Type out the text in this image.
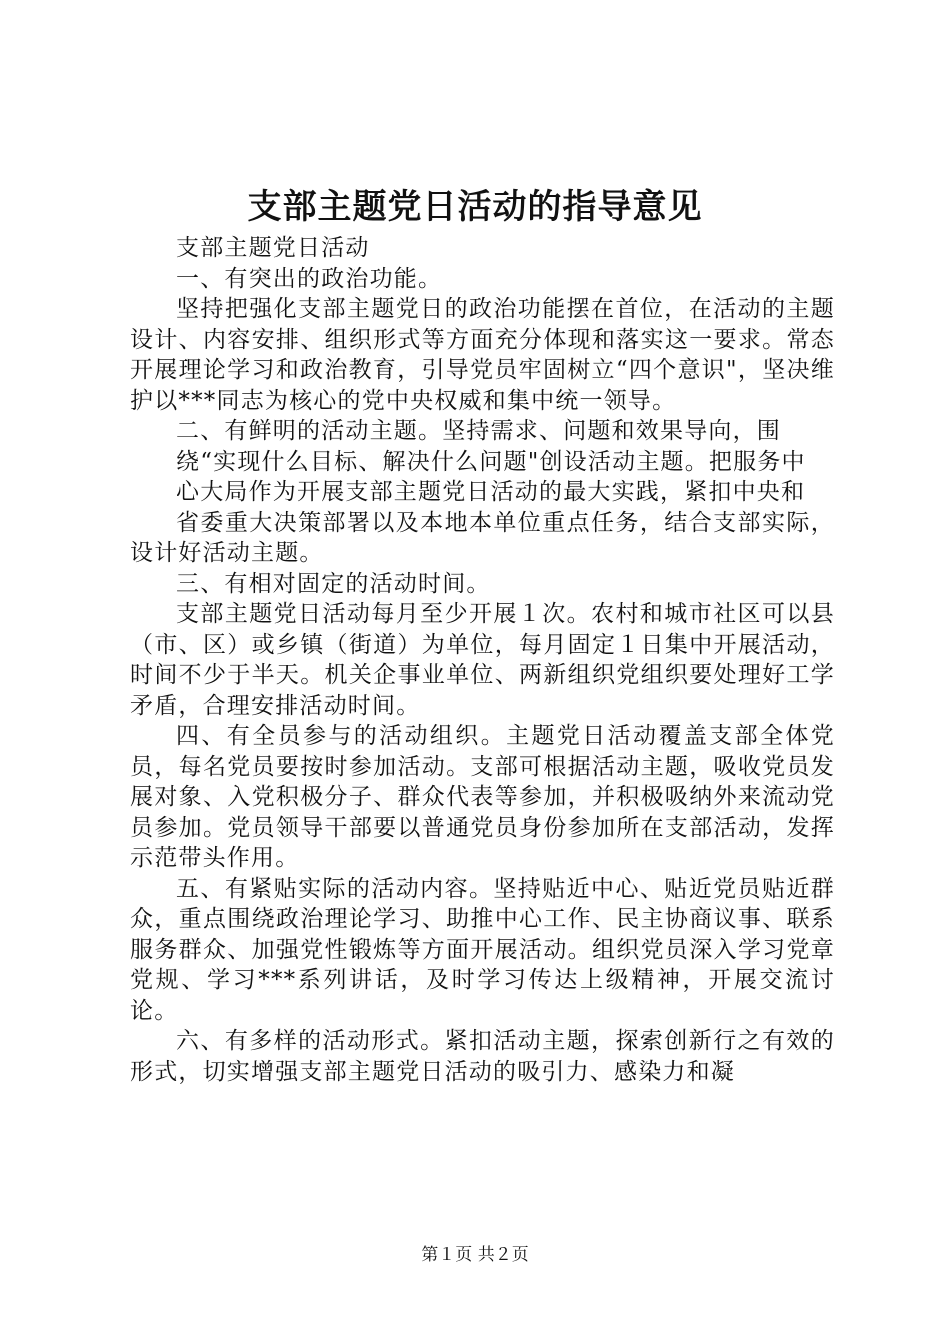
支部主题党日活动的指导意见

支部主题党日活动

一、有突出的政治功能。

坚持把强化支部主题党日的政治功能摆在首位，在活动的主题设计、内容安排、组织形式等方面充分体现和落实这一要求。常态开展理论学习和政治教育，引导党员牢固树立“四个意识"，坚决维护以***同志为核心的党中央权威和集中统一领导。

二、有鲜明的活动主题。坚持需求、问题和效果导向，围

绕“实现什么目标、解决什么问题"创设活动主题。把服务中

心大局作为开展支部主题党日活动的最大实践，紧扣中央和

省委重大决策部署以及本地本单位重点任务，结合支部实际，设计好活动主题。

三、有相对固定的活动时间。

支部主题党日活动每月至少开展１次。农村和城市社区可以县（市、区）或乡镇（街道）为单位，每月固定１日集中开展活动，时间不少于半天。机关企事业单位、两新组织党组织要处理好工学矛盾，合理安排活动时间。

四、有全员参与的活动组织。主题党日活动覆盖支部全体党员，每名党员要按时参加活动。支部可根据活动主题，吸收党员发展对象、入党积极分子、群众代表等参加，并积极吸纳外来流动党员参加。党员领导干部要以普通党员身份参加所在支部活动，发挥示范带头作用。

五、有紧贴实际的活动内容。坚持贴近中心、贴近党员贴近群众，重点围绕政治理论学习、助推中心工作、民主协商议事、联系服务群众、加强党性锻炼等方面开展活动。组织党员深入学习党章党规、学习***系列讲话，及时学习传达上级精神，开展交流讨论。

六、有多样的活动形式。紧扣活动主题，探索创新行之有效的形式，切实增强支部主题党日活动的吸引力、感染力和凝

第１页 共２页
